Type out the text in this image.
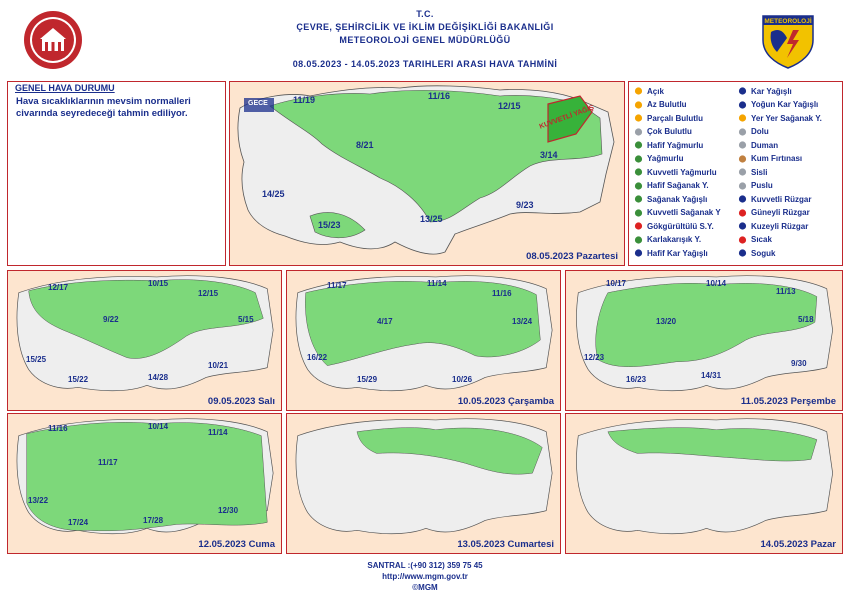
T.C.
ÇEVRE, ŞEHİRCİLİK VE İKLİM DEĞİŞİKLİĞİ BAKANLIĞI
METEOROLOJİ GENEL MÜDÜRLÜĞÜ
08.05.2023 - 14.05.2023 TARIHLERI ARASI HAVA TAHMİNİ
METEOROLOJİ
GENEL HAVA DURUMU
Hava sıcaklıklarının mevsim normalleri civarında seyredeceği tahmin ediliyor.
GECE
KUVVETLİ YAĞIŞ
11/19	11/16
12/15
8/21
3/14
14/25
13/25
9/23
15/23
08.05.2023 Pazartesi
Açık
Az Bulutlu
Parçalı Bulutlu
Çok Bulutlu
Hafif Yağmurlu
Yağmurlu
Kuvvetli Yağmurlu
Hafif Sağanak Y.
Sağanak Yağışlı
Kuvvetli Sağanak Y
Gökgürültülü S.Y.
Karlakarışık Y.
Hafif Kar Yağışlı
Kar Yağışlı
Yoğun Kar Yağışlı
Yer Yer Sağanak Y.
Dolu
Duman
Kum Fırtınası
Sisli
Puslu
Kuvvetli Rüzgar
Güneyli Rüzgar
Kuzeyli Rüzgar
Sıcak
Soguk
12/17	10/15
12/15
9/22	5/15
15/25
15/22	14/28
10/21
09.05.2023 Salı
11/17	11/14
11/16
4/17	13/24
16/22
15/29	10/26
10.05.2023 Çarşamba
10/17	10/14
11/13
13/20	5/18
12/23
16/23	14/31
9/30
11.05.2023 Perşembe
11/16	10/14
11/14
11/17
13/22
17/24	17/28
12/30
12.05.2023 Cuma	13.05.2023 Cumartesi	14.05.2023 Pazar
SANTRAL :(+90 312) 359 75 45
http://www.mgm.gov.tr
©MGM
